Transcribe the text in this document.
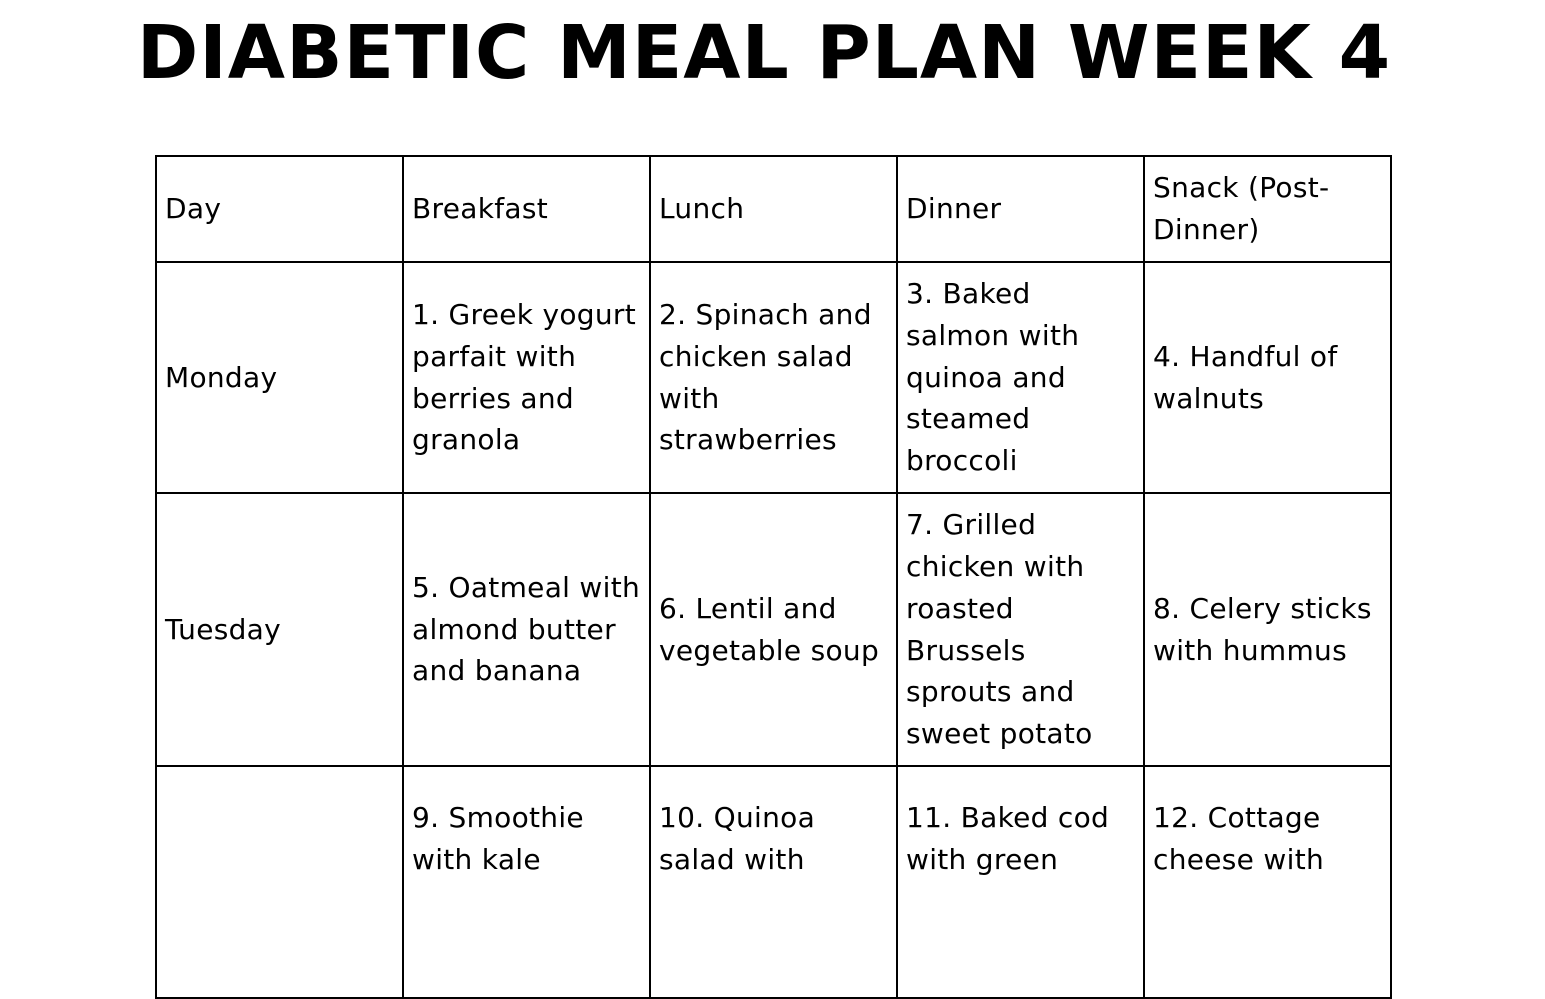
DIABETIC MEAL PLAN WEEK 4
Day	Breakfast	Lunch	Dinner	Snack (Post-Dinner)
Monday	1. Greek yogurt parfait with berries and granola	2. Spinach and chicken salad with strawberries	3. Baked salmon with quinoa and steamed broccoli	4. Handful of walnuts
Tuesday	5. Oatmeal with almond butter and banana	6. Lentil and vegetable soup	7. Grilled chicken with roasted Brussels sprouts and sweet potato	8. Celery sticks with hummus
	9. Smoothie with kale	10. Quinoa salad with	11. Baked cod with green	12. Cottage cheese with
